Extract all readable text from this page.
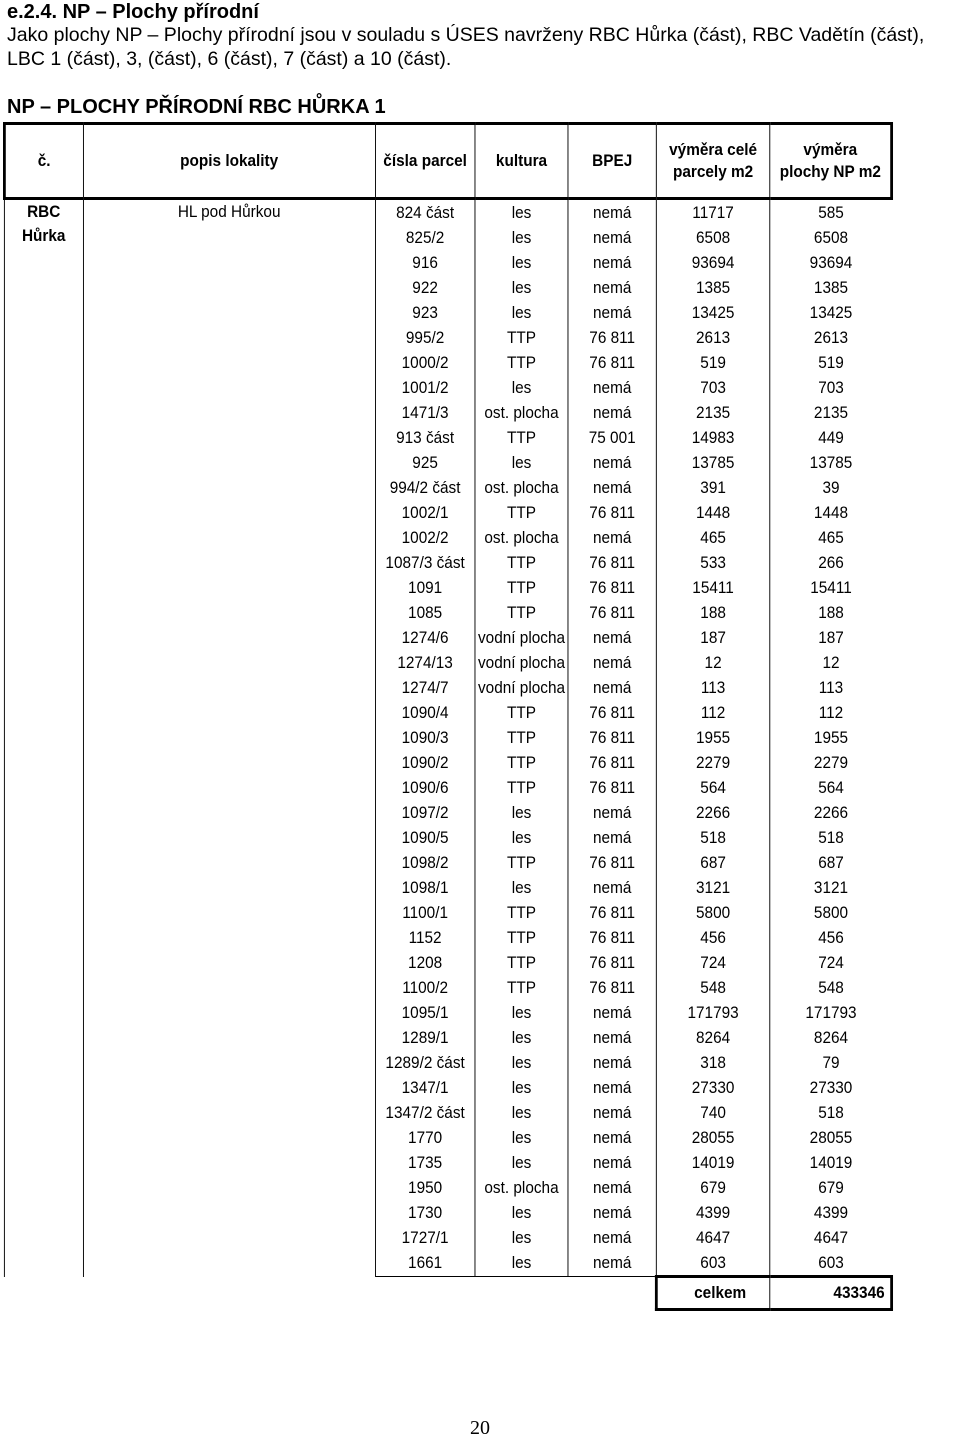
e.2.4. NP – Plochy přírodní
Jako plochy NP – Plochy přírodní jsou v souladu s ÚSES navrženy RBC Hůrka (část), RBC Vadětín (část), LBC 1 (část), 3, (část), 6 (část), 7 (část) a 10 (část).
NP – PLOCHY PŘÍRODNÍ RBC HŮRKA 1
č.	popis lokality	čísla parcel	kultura	BPEJ	výměra celé parcely m2	výměra plochy NP m2
RBC Hůrka	HL pod Hůrkou	824 část	les	nemá	11717	585
		825/2	les	nemá	6508	6508
		916	les	nemá	93694	93694
		922	les	nemá	1385	1385
		923	les	nemá	13425	13425
		995/2	TTP	76 811	2613	2613
		1000/2	TTP	76 811	519	519
		1001/2	les	nemá	703	703
		1471/3	ost. plocha	nemá	2135	2135
		913 část	TTP	75 001	14983	449
		925	les	nemá	13785	13785
		994/2 část	ost. plocha	nemá	391	39
		1002/1	TTP	76 811	1448	1448
		1002/2	ost. plocha	nemá	465	465
		1087/3 část	TTP	76 811	533	266
		1091	TTP	76 811	15411	15411
		1085	TTP	76 811	188	188
		1274/6	vodní plocha	nemá	187	187
		1274/13	vodní plocha	nemá	12	12
		1274/7	vodní plocha	nemá	113	113
		1090/4	TTP	76 811	112	112
		1090/3	TTP	76 811	1955	1955
		1090/2	TTP	76 811	2279	2279
		1090/6	TTP	76 811	564	564
		1097/2	les	nemá	2266	2266
		1090/5	les	nemá	518	518
		1098/2	TTP	76 811	687	687
		1098/1	les	nemá	3121	3121
		1100/1	TTP	76 811	5800	5800
		1152	TTP	76 811	456	456
		1208	TTP	76 811	724	724
		1100/2	TTP	76 811	548	548
		1095/1	les	nemá	171793	171793
		1289/1	les	nemá	8264	8264
		1289/2 část	les	nemá	318	79
		1347/1	les	nemá	27330	27330
		1347/2 část	les	nemá	740	518
		1770	les	nemá	28055	28055
		1735	les	nemá	14019	14019
		1950	ost. plocha	nemá	679	679
		1730	les	nemá	4399	4399
		1727/1	les	nemá	4647	4647
		1661	les	nemá	603	603
					celkem	433346
20
